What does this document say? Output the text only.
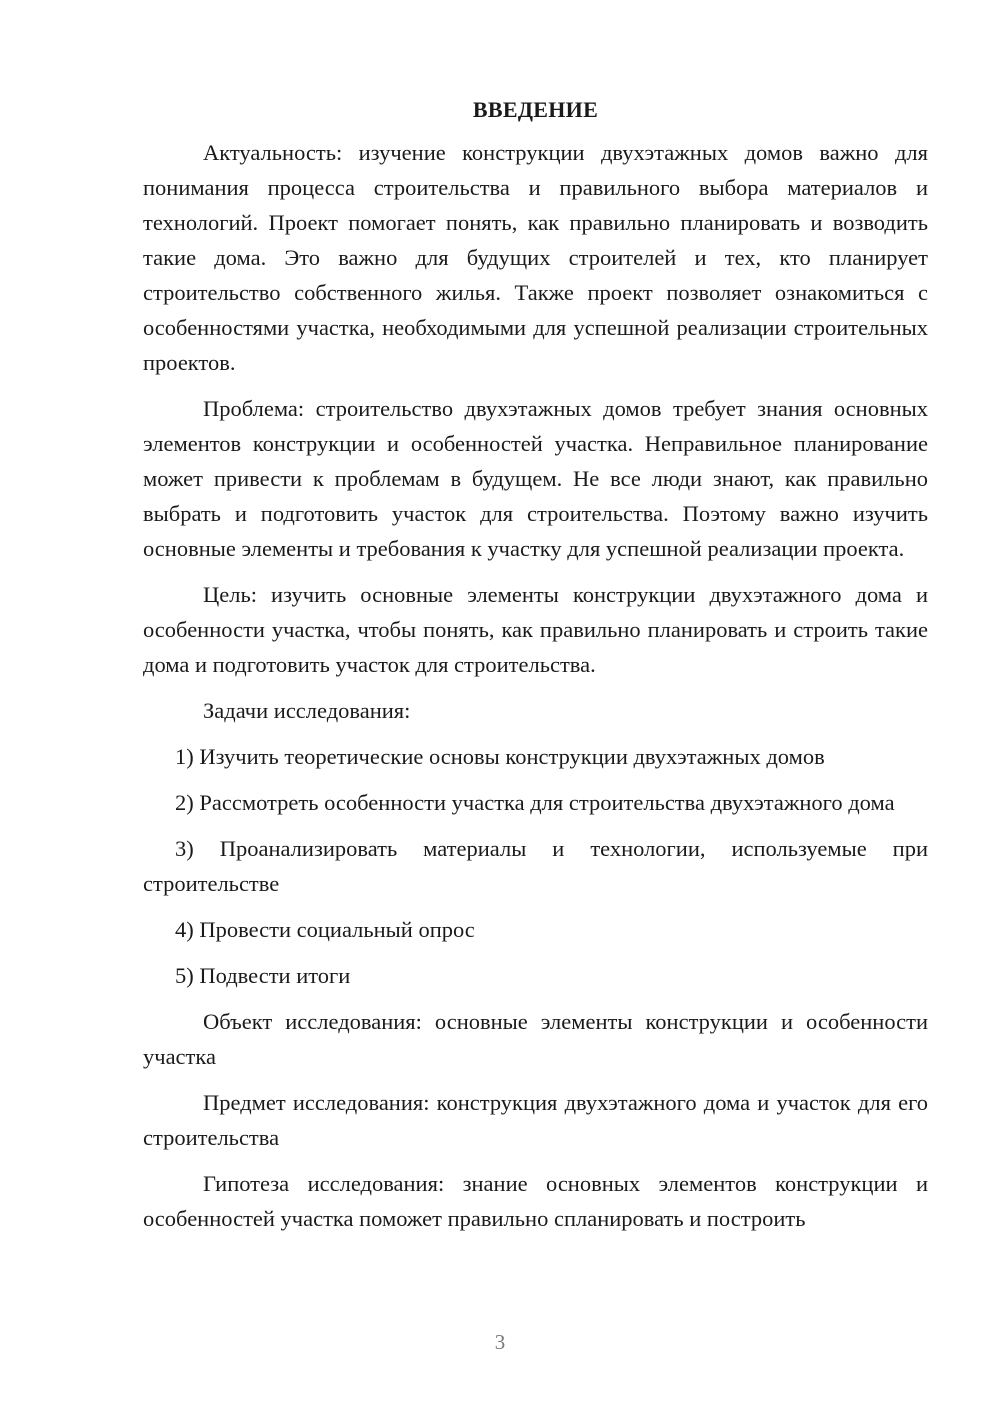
ВВЕДЕНИЕ

Актуальность: изучение конструкции двухэтажных домов важно для понимания процесса строительства и правильного выбора материалов и технологий. Проект помогает понять, как правильно планировать и возводить такие дома. Это важно для будущих строителей и тех, кто планирует строительство собственного жилья. Также проект позволяет ознакомиться с особенностями участка, необходимыми для успешной реализации строительных проектов.

Проблема: строительство двухэтажных домов требует знания основных элементов конструкции и особенностей участка. Неправильное планирование может привести к проблемам в будущем. Не все люди знают, как правильно выбрать и подготовить участок для строительства. Поэтому важно изучить основные элементы и требования к участку для успешной реализации проекта.

Цель: изучить основные элементы конструкции двухэтажного дома и особенности участка, чтобы понять, как правильно планировать и строить такие дома и подготовить участок для строительства.

Задачи исследования:

1) Изучить теоретические основы конструкции двухэтажных домов

2) Рассмотреть особенности участка для строительства двухэтажного дома

3) Проанализировать материалы и технологии, используемые при строительстве

4) Провести социальный опрос

5) Подвести итоги

Объект исследования: основные элементы конструкции и особенности участка

Предмет исследования: конструкция двухэтажного дома и участок для его строительства

Гипотеза исследования: знание основных элементов конструкции и особенностей участка поможет правильно спланировать и построить

3
